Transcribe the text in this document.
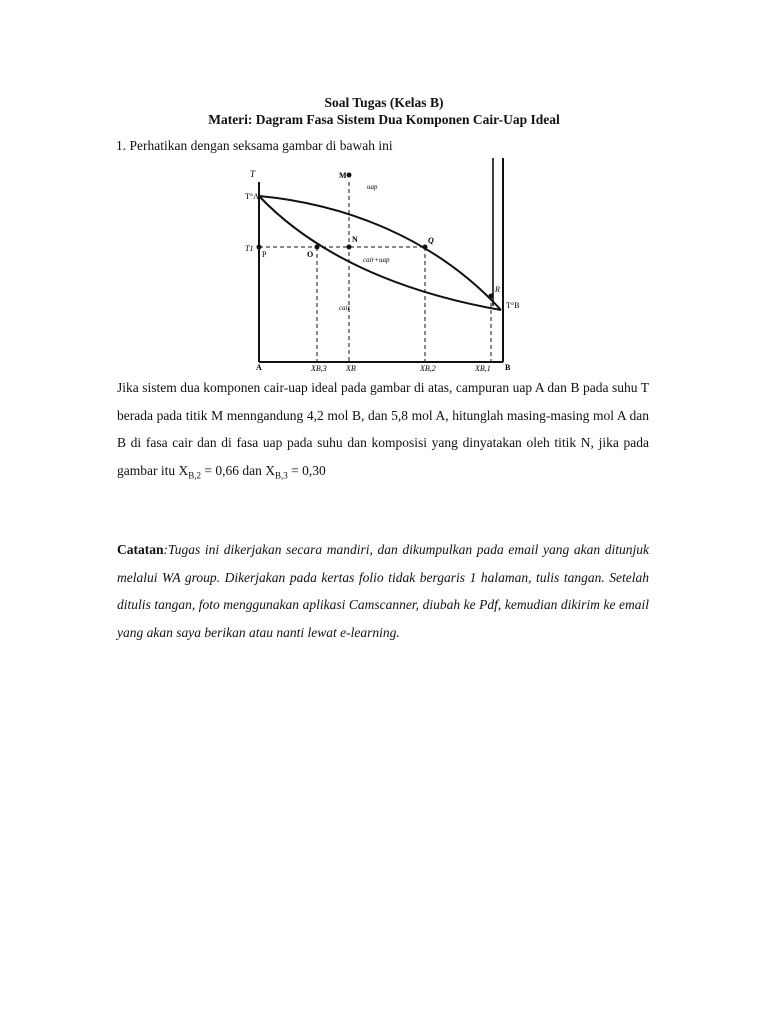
Soal Tugas (Kelas B)
Materi: Dagram Fasa Sistem Dua Komponen Cair-Uap Ideal
1. Perhatikan dengan seksama gambar di bawah ini
T
T°A
T1
P	O
N
M
Q
R
T°B
uap
cair+uap
cair
A	B
XB,3 XB	XB,2	XB,1

Jika sistem dua komponen cair-uap ideal pada gambar di atas, campuran uap A dan B pada suhu T berada pada titik M menngandung 4,2 mol B, dan 5,8 mol A, hitunglah masing-masing mol A dan B di fasa cair dan di fasa uap pada suhu dan komposisi yang dinyatakan oleh titik N, jika pada gambar itu $X_{B,2} = 0,66$ dan $X_{B,3} = 0,30$

Catatan:Tugas ini dikerjakan secara mandiri, dan dikumpulkan pada email yang akan ditunjuk melalui WA group. Dikerjakan pada kertas folio tidak bergaris 1 halaman, tulis tangan. Setelah ditulis tangan, foto menggunakan aplikasi Camscanner, diubah ke Pdf, kemudian dikirim ke email yang akan saya berikan atau nanti lewat e-learning.
